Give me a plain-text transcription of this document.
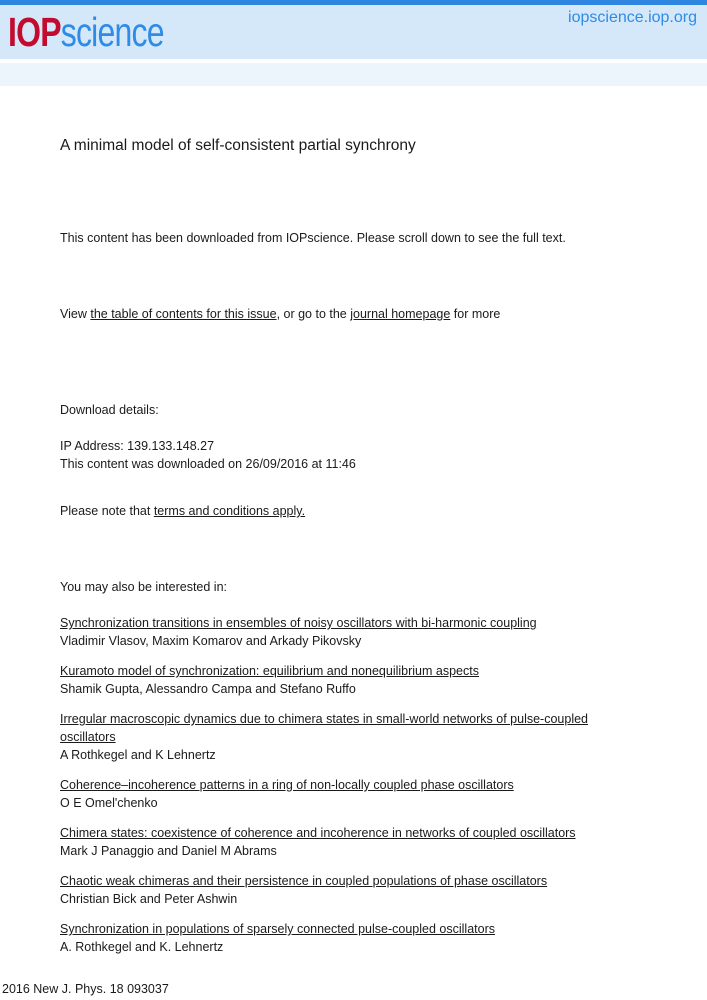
IOPscience	iopscience.iop.org
A minimal model of self-consistent partial synchrony

This content has been downloaded from IOPscience. Please scroll down to see the full text.

View the table of contents for this issue, or go to the journal homepage for more

Download details:

IP Address: 139.133.148.27

This content was downloaded on 26/09/2016 at 11:46

Please note that terms and conditions apply.

You may also be interested in:

Synchronization transitions in ensembles of noisy oscillators with bi-harmonic coupling
Vladimir Vlasov, Maxim Komarov and Arkady Pikovsky
Kuramoto model of synchronization: equilibrium and nonequilibrium aspects
Shamik Gupta, Alessandro Campa and Stefano Ruffo
Irregular macroscopic dynamics due to chimera states in small-world networks of pulse-coupled oscillators
A Rothkegel and K Lehnertz
Coherence–incoherence patterns in a ring of non-locally coupled phase oscillators
O E Omel'chenko
Chimera states: coexistence of coherence and incoherence in networks of coupled oscillators
Mark J Panaggio and Daniel M Abrams
Chaotic weak chimeras and their persistence in coupled populations of phase oscillators
Christian Bick and Peter Ashwin
Synchronization in populations of sparsely connected pulse-coupled oscillators
A. Rothkegel and K. Lehnertz
2016 New J. Phys. 18 093037
